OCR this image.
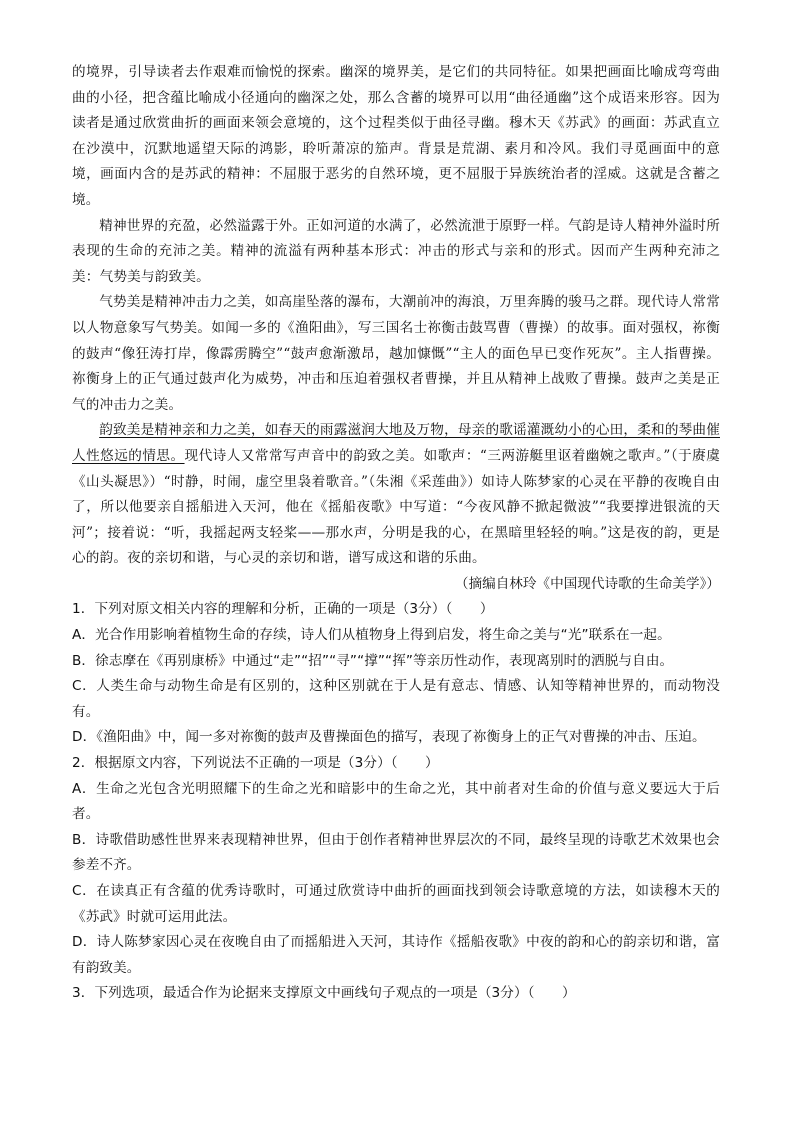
的境界，引导读者去作艰难而愉悦的探索。幽深的境界美，是它们的共同特征。如果把画面比喻成弯弯曲曲的小径，把含蕴比喻成小径通向的幽深之处，那么含蓄的境界可以用“曲径通幽”这个成语来形容。因为读者是通过欣赏曲折的画面来领会意境的，这个过程类似于曲径寻幽。穆木天《苏武》的画面：苏武直立在沙漠中，沉默地遥望天际的鸿影，聆听萧凉的笳声。背景是荒湖、素月和冷风。我们寻觅画面中的意境，画面内含的是苏武的精神：不屈服于恶劣的自然环境，更不屈服于异族统治者的淫威。这就是含蓄之境。

精神世界的充盈，必然溢露于外。正如河道的水满了，必然流泄于原野一样。气韵是诗人精神外溢时所表现的生命的充沛之美。精神的流溢有两种基本形式：冲击的形式与亲和的形式。因而产生两种充沛之美：气势美与韵致美。

气势美是精神冲击力之美，如高崖坠落的瀑布，大潮前冲的海浪，万里奔腾的骏马之群。现代诗人常常以人物意象写气势美。如闻一多的《渔阳曲》，写三国名士祢衡击鼓骂曹（曹操）的故事。面对强权，祢衡的鼓声“像狂涛打岸，像霹雳腾空”“鼓声愈渐激昂，越加慷慨”“主人的面色早已变作死灰”。主人指曹操。祢衡身上的正气通过鼓声化为威势，冲击和压迫着强权者曹操，并且从精神上战败了曹操。鼓声之美是正气的冲击力之美。

韵致美是精神亲和力之美，如春天的雨露滋润大地及万物，母亲的歌谣灌溉幼小的心田，柔和的琴曲催人性悠远的情思。现代诗人又常常写声音中的韵致之美。如歌声：“三两游艇里讴着幽婉之歌声。”（于赓虞《山头凝思》）“时静，时闹，虚空里袅着歌音。”（朱湘《采莲曲》）如诗人陈梦家的心灵在平静的夜晚自由了，所以他要亲自摇船进入天河，他在《摇船夜歌》中写道：“今夜风静不掀起微波”“我要撑进银流的天河”；接着说：“听，我摇起两支轻桨——那水声，分明是我的心，在黑暗里轻轻的响。”这是夜的韵，更是心的韵。夜的亲切和谐，与心灵的亲切和谐，谱写成这和谐的乐曲。

（摘编自林玲《中国现代诗歌的生命美学》）

1．下列对原文相关内容的理解和分析，正确的一项是（3分）（　　）

A．光合作用影响着植物生命的存续，诗人们从植物身上得到启发，将生命之美与“光”联系在一起。

B．徐志摩在《再别康桥》中通过“走”“招”“寻”“撑”“挥”等亲历性动作，表现离别时的洒脱与自由。

C．人类生命与动物生命是有区别的，这种区别就在于人是有意志、情感、认知等精神世界的，而动物没有。

D．《渔阳曲》中，闻一多对祢衡的鼓声及曹操面色的描写，表现了祢衡身上的正气对曹操的冲击、压迫。

2．根据原文内容，下列说法不正确的一项是（3分）（　　）

A．生命之光包含光明照耀下的生命之光和暗影中的生命之光，其中前者对生命的价值与意义要远大于后者。

B．诗歌借助感性世界来表现精神世界，但由于创作者精神世界层次的不同，最终呈现的诗歌艺术效果也会参差不齐。

C．在读真正有含蕴的优秀诗歌时，可通过欣赏诗中曲折的画面找到领会诗歌意境的方法，如读穆木天的《苏武》时就可运用此法。

D．诗人陈梦家因心灵在夜晚自由了而摇船进入天河，其诗作《摇船夜歌》中夜的韵和心的韵亲切和谐，富有韵致美。

3．下列选项，最适合作为论据来支撑原文中画线句子观点的一项是（3分）（　　）
